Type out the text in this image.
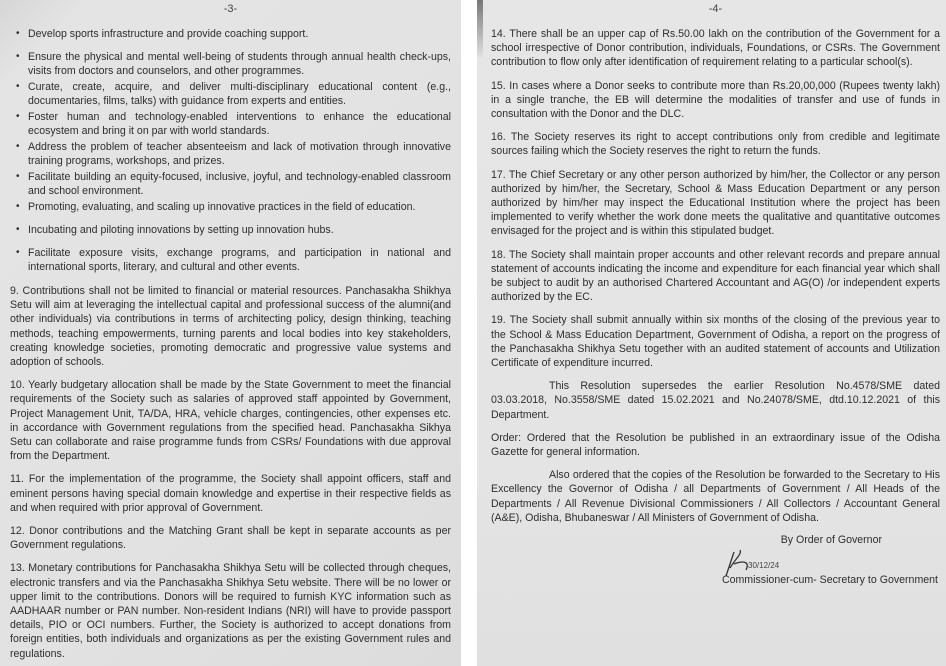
-3-
• Develop sports infrastructure and provide coaching support.
• Ensure the physical and mental well-being of students through annual health check-ups, visits from doctors and counselors, and other programmes.
• Curate, create, acquire, and deliver multi-disciplinary educational content (e.g., documentaries, films, talks) with guidance from experts and entities.
• Foster human and technology-enabled interventions to enhance the educational ecosystem and bring it on par with world standards.
• Address the problem of teacher absenteeism and lack of motivation through innovative training programs, workshops, and prizes.
• Facilitate building an equity-focused, inclusive, joyful, and technology-enabled classroom and school environment.
• Promoting, evaluating, and scaling up innovative practices in the field of education.
• Incubating and piloting innovations by setting up innovation hubs.
• Facilitate exposure visits, exchange programs, and participation in national and international sports, literary, and cultural and other events.

9. Contributions shall not be limited to financial or material resources. Panchasakha Shikhya Setu will aim at leveraging the intellectual capital and professional success of the alumni(and other individuals) via contributions in terms of architecting policy, design thinking, teaching methods, teaching empowerments, turning parents and local bodies into key stakeholders, creating knowledge societies, promoting democratic and progressive value systems and adoption of schools.

10. Yearly budgetary allocation shall be made by the State Government to meet the financial requirements of the Society such as salaries of approved staff appointed by Government, Project Management Unit, TA/DA, HRA, vehicle charges, contingencies, other expenses etc. in accordance with Government regulations from the specified head. Panchasakha Sikhya Setu can collaborate and raise programme funds from CSRs/ Foundations with due approval from the Department.

11. For the implementation of the programme, the Society shall appoint officers, staff and eminent persons having special domain knowledge and expertise in their respective fields as and when required with prior approval of Government.

12. Donor contributions and the Matching Grant shall be kept in separate accounts as per Government regulations.

13. Monetary contributions for Panchasakha Shikhya Setu will be collected through cheques, electronic transfers and via the Panchasakha Shikhya Setu website. There will be no lower or upper limit to the contributions. Donors will be required to furnish KYC information such as AADHAAR number or PAN number. Non-resident Indians (NRI) will have to provide passport details, PIO or OCI numbers. Further, the Society is authorized to accept donations from foreign entities, both individuals and organizations as per the existing Government rules and regulations.

-4-

14. There shall be an upper cap of Rs.50.00 lakh on the contribution of the Government for a school irrespective of Donor contribution, individuals, Foundations, or CSRs. The Government contribution to flow only after identification of requirement relating to a particular school(s).

15. In cases where a Donor seeks to contribute more than Rs.20,00,000 (Rupees twenty lakh) in a single tranche, the EB will determine the modalities of transfer and use of funds in consultation with the Donor and the DLC.

16. The Society reserves its right to accept contributions only from credible and legitimate sources failing which the Society reserves the right to return the funds.

17. The Chief Secretary or any other person authorized by him/her, the Collector or any person authorized by him/her, the Secretary, School & Mass Education Department or any person authorized by him/her may inspect the Educational Institution where the project has been implemented to verify whether the work done meets the qualitative and quantitative outcomes envisaged for the project and is within this stipulated budget.

18. The Society shall maintain proper accounts and other relevant records and prepare annual statement of accounts indicating the income and expenditure for each financial year which shall be subject to audit by an authorised Chartered Accountant and AG(O) /or independent experts authorized by the EC.

19. The Society shall submit annually within six months of the closing of the previous year to the School & Mass Education Department, Government of Odisha, a report on the progress of the Panchasakha Shikhya Setu together with an audited statement of accounts and Utilization Certificate of expenditure incurred.

This Resolution supersedes the earlier Resolution No.4578/SME dated 03.03.2018, No.3558/SME dated 15.02.2021 and No.24078/SME, dtd.10.12.2021 of this Department.

Order: Ordered that the Resolution be published in an extraordinary issue of the Odisha Gazette for general information.

Also ordered that the copies of the Resolution be forwarded to the Secretary to His Excellency the Governor of Odisha / all Departments of Government / All Heads of the Departments / All Revenue Divisional Commissioners / All Collectors / Accountant General (A&E), Odisha, Bhubaneswar / All Ministers of Government of Odisha.

By Order of Governor
30/12/24
Commissioner-cum- Secretary to Government
